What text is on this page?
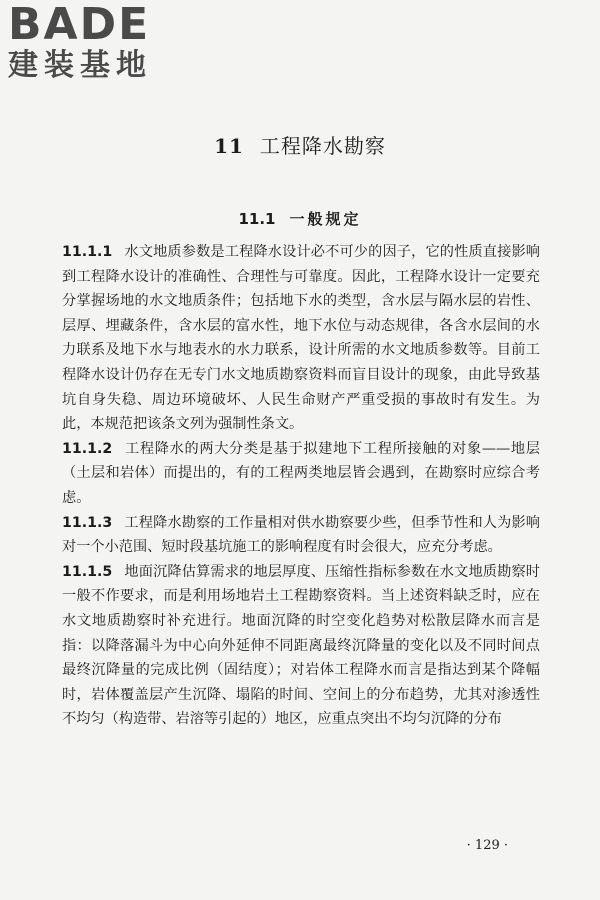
BADE
建装基地
11 工程降水勘察
11.1 一般规定

11.1.1 水文地质参数是工程降水设计必不可少的因子，它的性质直接影响到工程降水设计的准确性、合理性与可靠度。因此，工程降水设计一定要充分掌握场地的水文地质条件；包括地下水的类型，含水层与隔水层的岩性、层厚、埋藏条件，含水层的富水性，地下水位与动态规律，各含水层间的水力联系及地下水与地表水的水力联系，设计所需的水文地质参数等。目前工程降水设计仍存在无专门水文地质勘察资料而盲目设计的现象，由此导致基坑自身失稳、周边环境破坏、人民生命财产严重受损的事故时有发生。为此，本规范把该条文列为强制性条文。

11.1.2 工程降水的两大分类是基于拟建地下工程所接触的对象——地层（土层和岩体）而提出的，有的工程两类地层皆会遇到，在勘察时应综合考虑。

11.1.3 工程降水勘察的工作量相对供水勘察要少些，但季节性和人为影响对一个小范围、短时段基坑施工的影响程度有时会很大，应充分考虑。

11.1.5 地面沉降估算需求的地层厚度、压缩性指标参数在水文地质勘察时一般不作要求，而是利用场地岩土工程勘察资料。当上述资料缺乏时，应在水文地质勘察时补充进行。地面沉降的时空变化趋势对松散层降水而言是指：以降落漏斗为中心向外延伸不同距离最终沉降量的变化以及不同时间点最终沉降量的完成比例（固结度）；对岩体工程降水而言是指达到某个降幅时，岩体覆盖层产生沉降、塌陷的时间、空间上的分布趋势，尤其对渗透性不均匀（构造带、岩溶等引起的）地区，应重点突出不均匀沉降的分布

· 129 ·
